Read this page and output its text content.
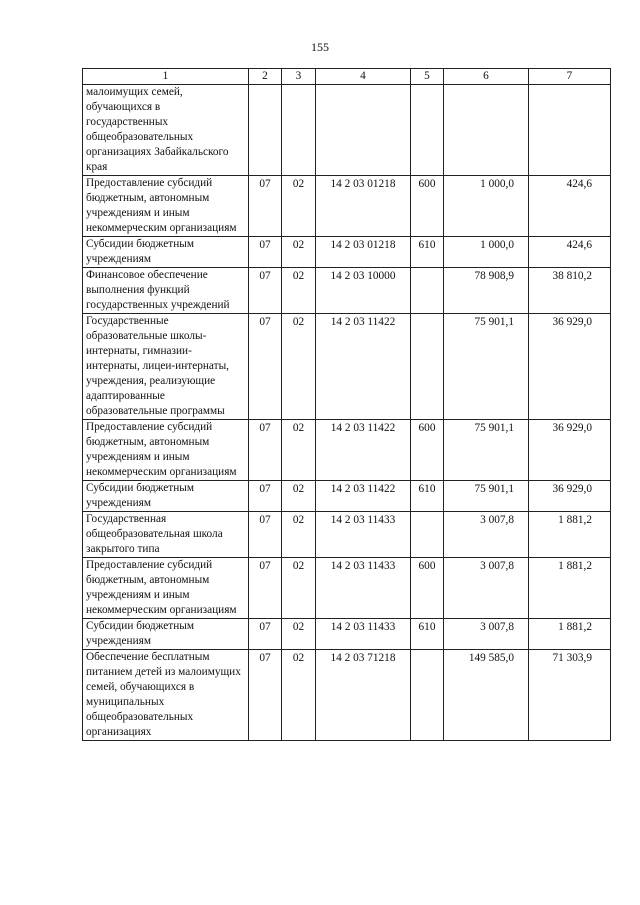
155
1	2	3	4	5	6	7
малоимущих семей, обучающихся в государственных общеобразовательных организациях Забайкальского края						
Предоставление субсидий бюджетным, автономным учреждениям и иным некоммерческим организациям	07	02	14 2 03 01218	600	1 000,0	424,6
Субсидии бюджетным учреждениям	07	02	14 2 03 01218	610	1 000,0	424,6
Финансовое обеспечение выполнения функций государственных учреждений	07	02	14 2 03 10000		78 908,9	38 810,2
Государственные образовательные школы-интернаты, гимназии-интернаты, лицеи-интернаты, учреждения, реализующие адаптированные образовательные программы	07	02	14 2 03 11422		75 901,1	36 929,0
Предоставление субсидий бюджетным, автономным учреждениям и иным некоммерческим организациям	07	02	14 2 03 11422	600	75 901,1	36 929,0
Субсидии бюджетным учреждениям	07	02	14 2 03 11422	610	75 901,1	36 929,0
Государственная общеобразовательная школа закрытого типа	07	02	14 2 03 11433		3 007,8	1 881,2
Предоставление субсидий бюджетным, автономным учреждениям и иным некоммерческим организациям	07	02	14 2 03 11433	600	3 007,8	1 881,2
Субсидии бюджетным учреждениям	07	02	14 2 03 11433	610	3 007,8	1 881,2
Обеспечение бесплатным питанием детей из малоимущих семей, обучающихся в муниципальных общеобразовательных организациях	07	02	14 2 03 71218		149 585,0	71 303,9
